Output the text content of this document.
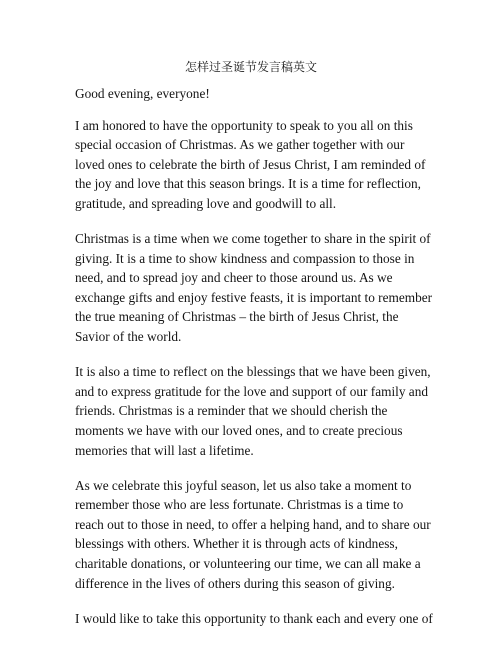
怎样过圣诞节发言稿英文

Good evening, everyone!

I am honored to have the opportunity to speak to you all on this special occasion of Christmas. As we gather together with our loved ones to celebrate the birth of Jesus Christ, I am reminded of the joy and love that this season brings. It is a time for reflection, gratitude, and spreading love and goodwill to all.

Christmas is a time when we come together to share in the spirit of giving. It is a time to show kindness and compassion to those in need, and to spread joy and cheer to those around us. As we exchange gifts and enjoy festive feasts, it is important to remember the true meaning of Christmas – the birth of Jesus Christ, the Savior of the world.

It is also a time to reflect on the blessings that we have been given, and to express gratitude for the love and support of our family and friends. Christmas is a reminder that we should cherish the moments we have with our loved ones, and to create precious memories that will last a lifetime.

As we celebrate this joyful season, let us also take a moment to remember those who are less fortunate. Christmas is a time to reach out to those in need, to offer a helping hand, and to share our blessings with others. Whether it is through acts of kindness, charitable donations, or volunteering our time, we can all make a difference in the lives of others during this season of giving.

I would like to take this opportunity to thank each and every one of
